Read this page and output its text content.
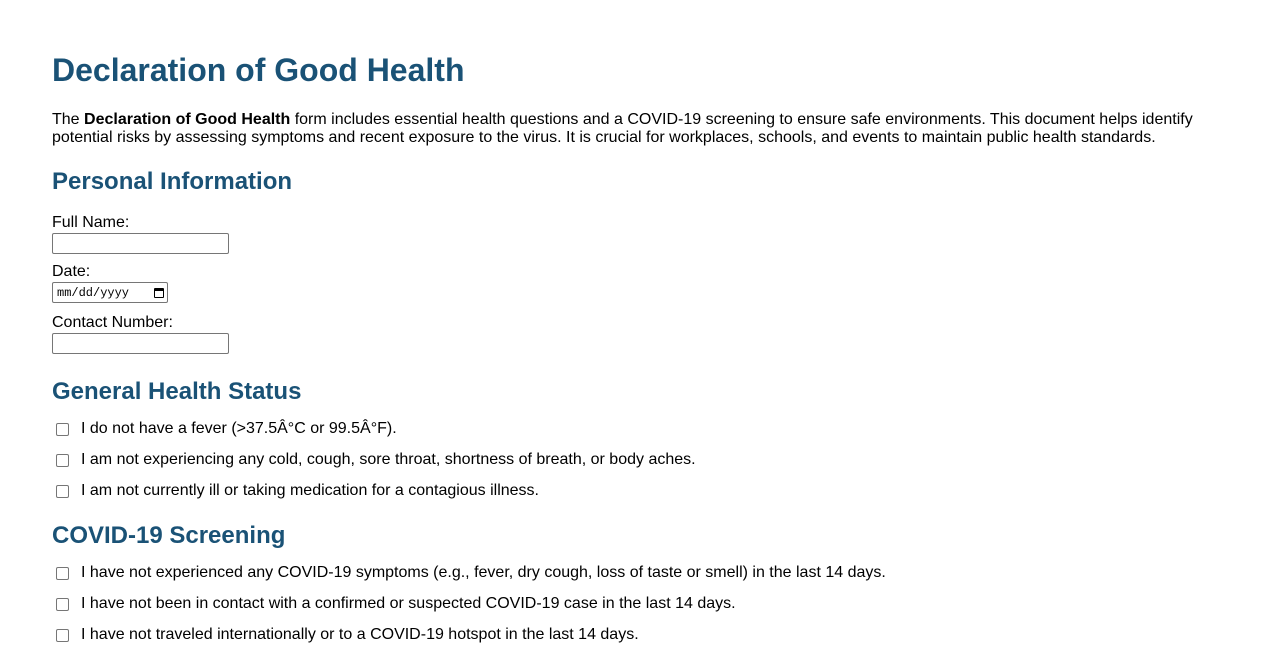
Declaration of Good Health

The Declaration of Good Health form includes essential health questions and a COVID-19 screening to ensure safe environments. This document helps identify potential risks by assessing symptoms and recent exposure to the virus. It is crucial for workplaces, schools, and events to maintain public health standards.

Personal Information
Full Name:
Date:
mm/dd/yyyy
Contact Number:
General Health Status
I do not have a fever (>37.5Â°C or 99.5Â°F).
I am not experiencing any cold, cough, sore throat, shortness of breath, or body aches.
I am not currently ill or taking medication for a contagious illness.
COVID-19 Screening
I have not experienced any COVID-19 symptoms (e.g., fever, dry cough, loss of taste or smell) in the last 14 days.
I have not been in contact with a confirmed or suspected COVID-19 case in the last 14 days.
I have not traveled internationally or to a COVID-19 hotspot in the last 14 days.
